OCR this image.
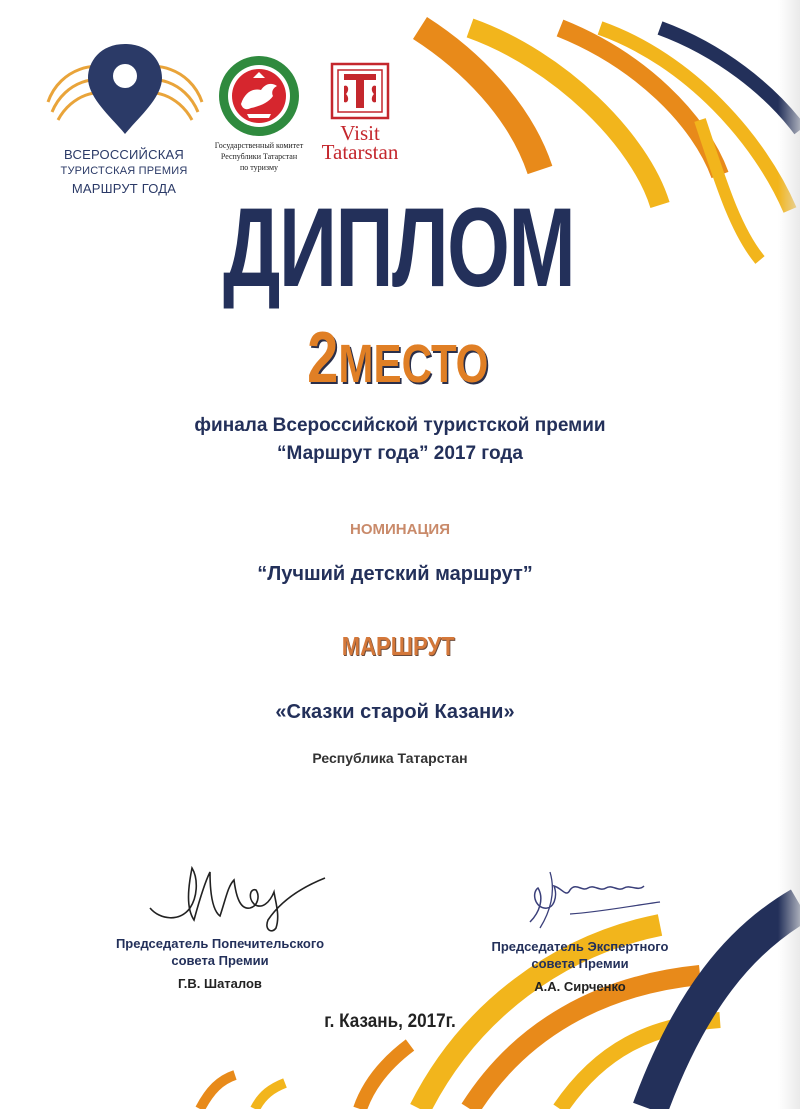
ВСЕРОССИЙСКАЯ
ТУРИСТСКАЯ ПРЕМИЯ
МАРШРУТ ГОДА
Государственный комитет
Республики Татарстан
по туризму
Visit
Tatarstan
ДИПЛОМ
2МЕСТО
финала Всероссийской туристской премии
“Маршрут года” 2017 года
НОМИНАЦИЯ
“Лучший детский маршрут”
МАРШРУТ
«Сказки старой Казани»
Республика Татарстан
Председатель Попечительского
совета Премии
Г.В. Шаталов
Председатель Экспертного
совета Премии
А.А. Сирченко
г. Казань, 2017г.
